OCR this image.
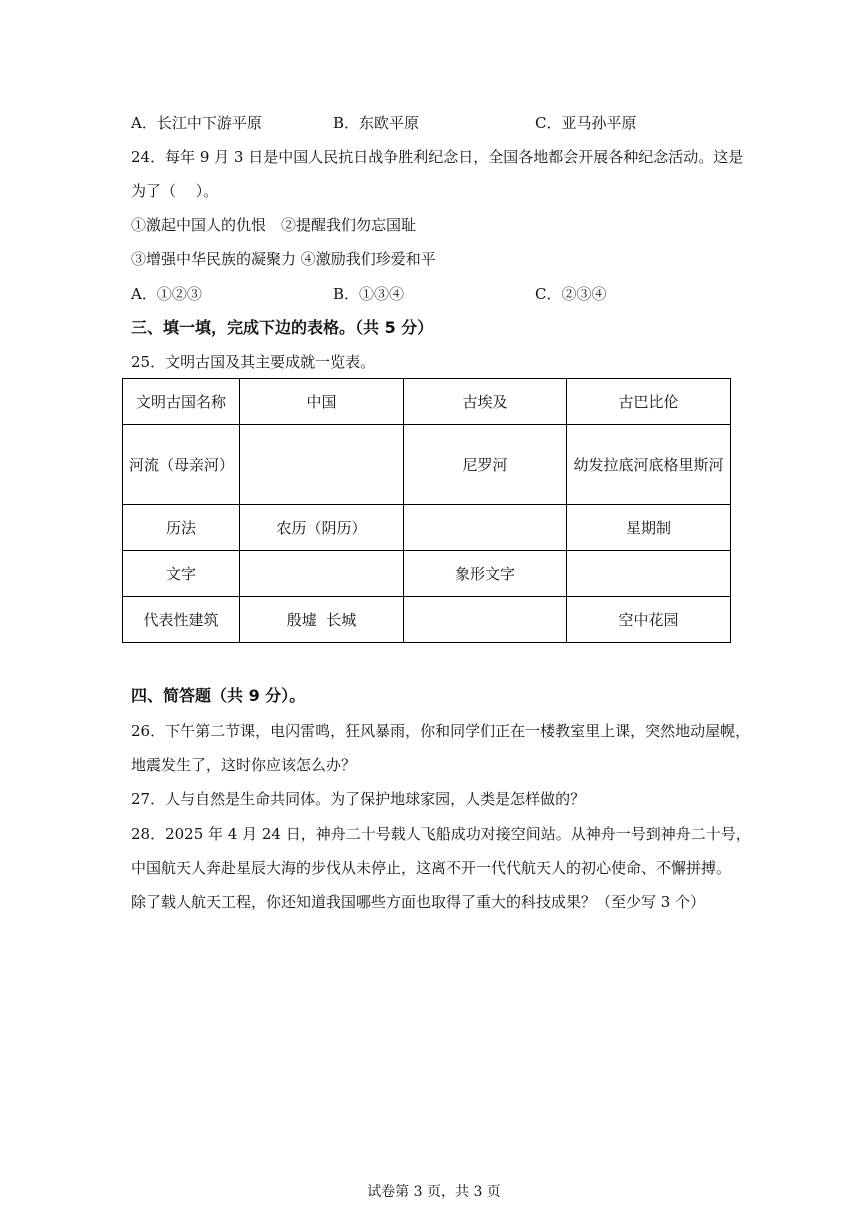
A．长江中下游平原	B．东欧平原	C．亚马孙平原
24．每年 9 月 3 日是中国人民抗日战争胜利纪念日，全国各地都会开展各种纪念活动。这是
为了（　 ）。
①激起中国人的仇恨　②提醒我们勿忘国耻
③增强中华民族的凝聚力 ④激励我们珍爱和平
A．①②③	B．①③④	C．②③④
三、填一填，完成下边的表格。（共 5 分）
25．文明古国及其主要成就一览表。
文明古国名称	中国	古埃及	古巴比伦
河流（母亲河）		尼罗河	幼发拉底河底格里斯河
历法	农历（阴历）		星期制
文字		象形文字	
代表性建筑	殷墟  长城		空中花园
四、简答题（共 9 分）。
26．下午第二节课，电闪雷鸣，狂风暴雨，你和同学们正在一楼教室里上课，突然地动屋幌，
地震发生了，这时你应该怎么办？
27．人与自然是生命共同体。为了保护地球家园，人类是怎样做的？
28．2025 年 4 月 24 日，神舟二十号载人飞船成功对接空间站。从神舟一号到神舟二十号，
中国航天人奔赴星辰大海的步伐从未停止，这离不开一代代航天人的初心使命、不懈拼搏。
除了载人航天工程，你还知道我国哪些方面也取得了重大的科技成果？（至少写 3 个）
试卷第 3 页，共 3 页
